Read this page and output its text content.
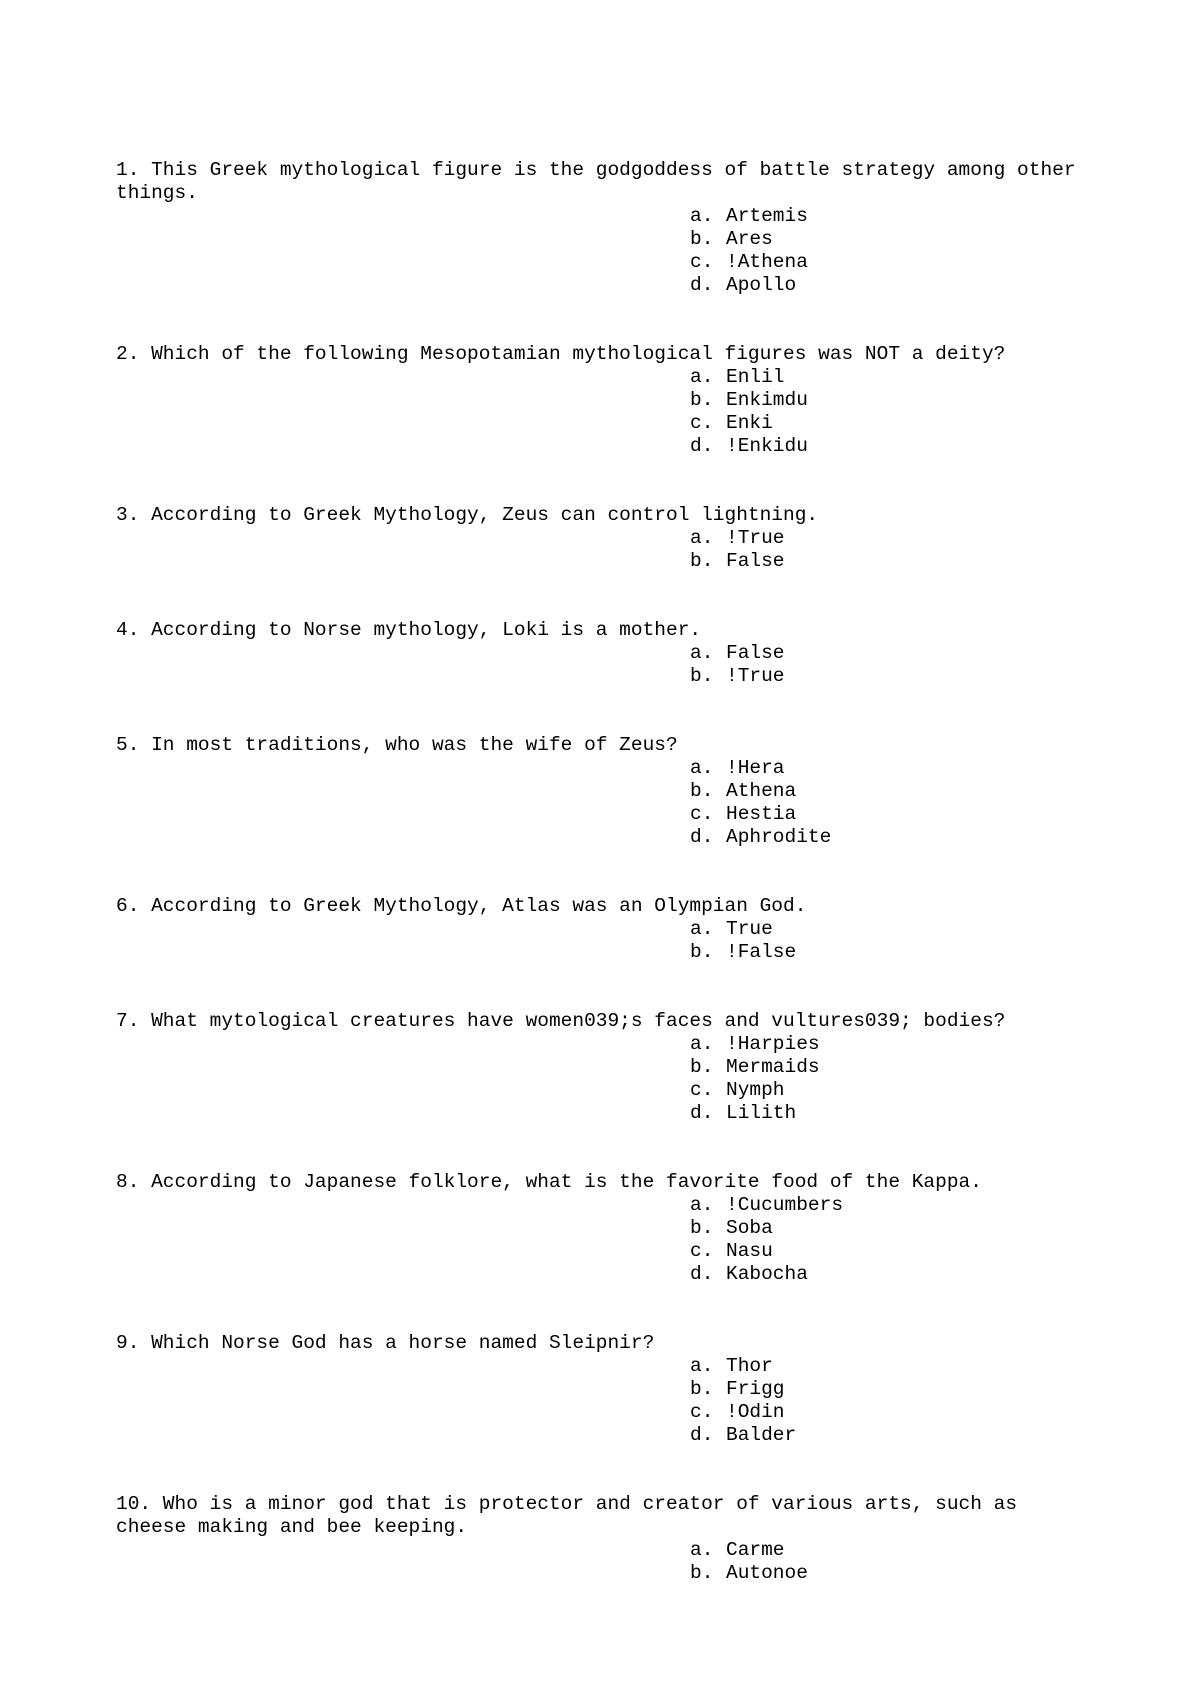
1. This Greek mythological figure is the godgoddess of battle strategy among other things.

a. Artemis
b. Ares
c. !Athena
d. Apollo

2. Which of the following Mesopotamian mythological figures was NOT a deity?

a. Enlil
b. Enkimdu
c. Enki
d. !Enkidu

3. According to Greek Mythology, Zeus can control lightning.

a. !True
b. False

4. According to Norse mythology, Loki is a mother.

a. False
b. !True

5. In most traditions, who was the wife of Zeus?

a. !Hera
b. Athena
c. Hestia
d. Aphrodite

6. According to Greek Mythology, Atlas was an Olympian God.

a. True
b. !False

7. What mytological creatures have women039;s faces and vultures039; bodies?

a. !Harpies
b. Mermaids
c. Nymph
d. Lilith

8. According to Japanese folklore, what is the favorite food of the Kappa.

a. !Cucumbers
b. Soba
c. Nasu
d. Kabocha

9. Which Norse God has a horse named Sleipnir?

a. Thor
b. Frigg
c. !Odin
d. Balder

10. Who is a minor god that is protector and creator of various arts, such as cheese making and bee keeping.

a. Carme
b. Autonoe
